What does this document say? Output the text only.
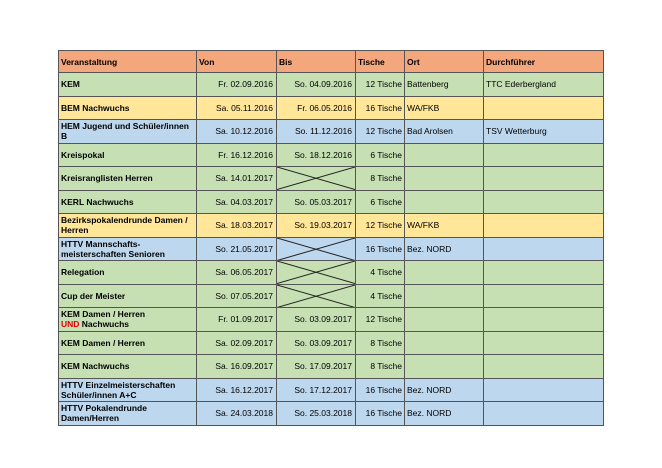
Veranstaltung	Von	Bis	Tische	Ort	Durchführer
KEM	Fr. 02.09.2016	So. 04.09.2016	12 Tische	Battenberg	TTC Ederbergland
BEM Nachwuchs	Sa. 05.11.2016	Fr. 06.05.2016	16 Tische	WA/FKB	
HEM Jugend und Schüler/innen B	Sa. 10.12.2016	So. 11.12.2016	12 Tische	Bad Arolsen	TSV Wetterburg
Kreispokal	Fr. 16.12.2016	So. 18.12.2016	6 Tische		
Kreisranglisten Herren	Sa. 14.01.2017		8 Tische		
KERL Nachwuchs	Sa. 04.03.2017	So. 05.03.2017	6 Tische		
Bezirkspokalendrunde Damen / Herren	Sa. 18.03.2017	So. 19.03.2017	12 Tische	WA/FKB	
HTTV Mannschafts-meisterschaften Senioren	So. 21.05.2017		16 Tische	Bez. NORD	
Relegation	Sa. 06.05.2017		4 Tische		
Cup der Meister	So. 07.05.2017		4 Tische		
KEM Damen / Herren
UND Nachwuchs	Fr. 01.09.2017	So. 03.09.2017	12 Tische		
KEM Damen / Herren	Sa. 02.09.2017	So. 03.09.2017	8 Tische		
KEM Nachwuchs	Sa. 16.09.2017	So. 17.09.2017	8 Tische		
HTTV Einzelmeisterschaften Schüler/innen A+C	Sa. 16.12.2017	So. 17.12.2017	16 Tische	Bez. NORD	
HTTV Pokalendrunde Damen/Herren	Sa. 24.03.2018	So. 25.03.2018	16 Tische	Bez. NORD	
